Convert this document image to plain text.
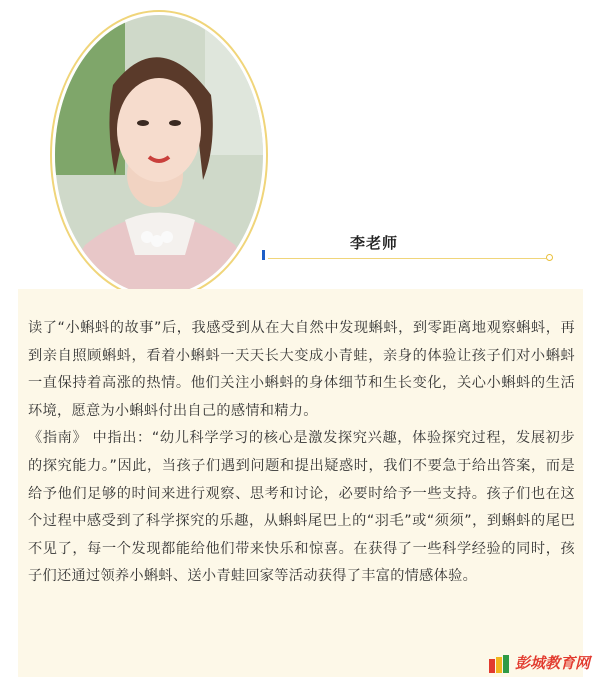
李老师

读了“小蝌蚪的故事”后，我感受到从在大自然中发现蝌蚪，到零距离地观察蝌蚪，再到亲自照顾蝌蚪，看着小蝌蚪一天天长大变成小青蛙，亲身的体验让孩子们对小蝌蚪一直保持着高涨的热情。他们关注小蝌蚪的身体细节和生长变化，关心小蝌蚪的生活环境，愿意为小蝌蚪付出自己的感情和精力。

《指南》 中指出：“幼儿科学学习的核心是激发探究兴趣，体验探究过程，发展初步的探究能力。”因此，当孩子们遇到问题和提出疑惑时，我们不要急于给出答案，而是给予他们足够的时间来进行观察、思考和讨论，必要时给予一些支持。孩子们也在这个过程中感受到了科学探究的乐趣，从蝌蚪尾巴上的“羽毛”或“须须”，到蝌蚪的尾巴不见了，每一个发现都能给他们带来快乐和惊喜。在获得了一些科学经验的同时，孩子们还通过领养小蝌蚪、送小青蛙回家等活动获得了丰富的情感体验。

彭城教育网
